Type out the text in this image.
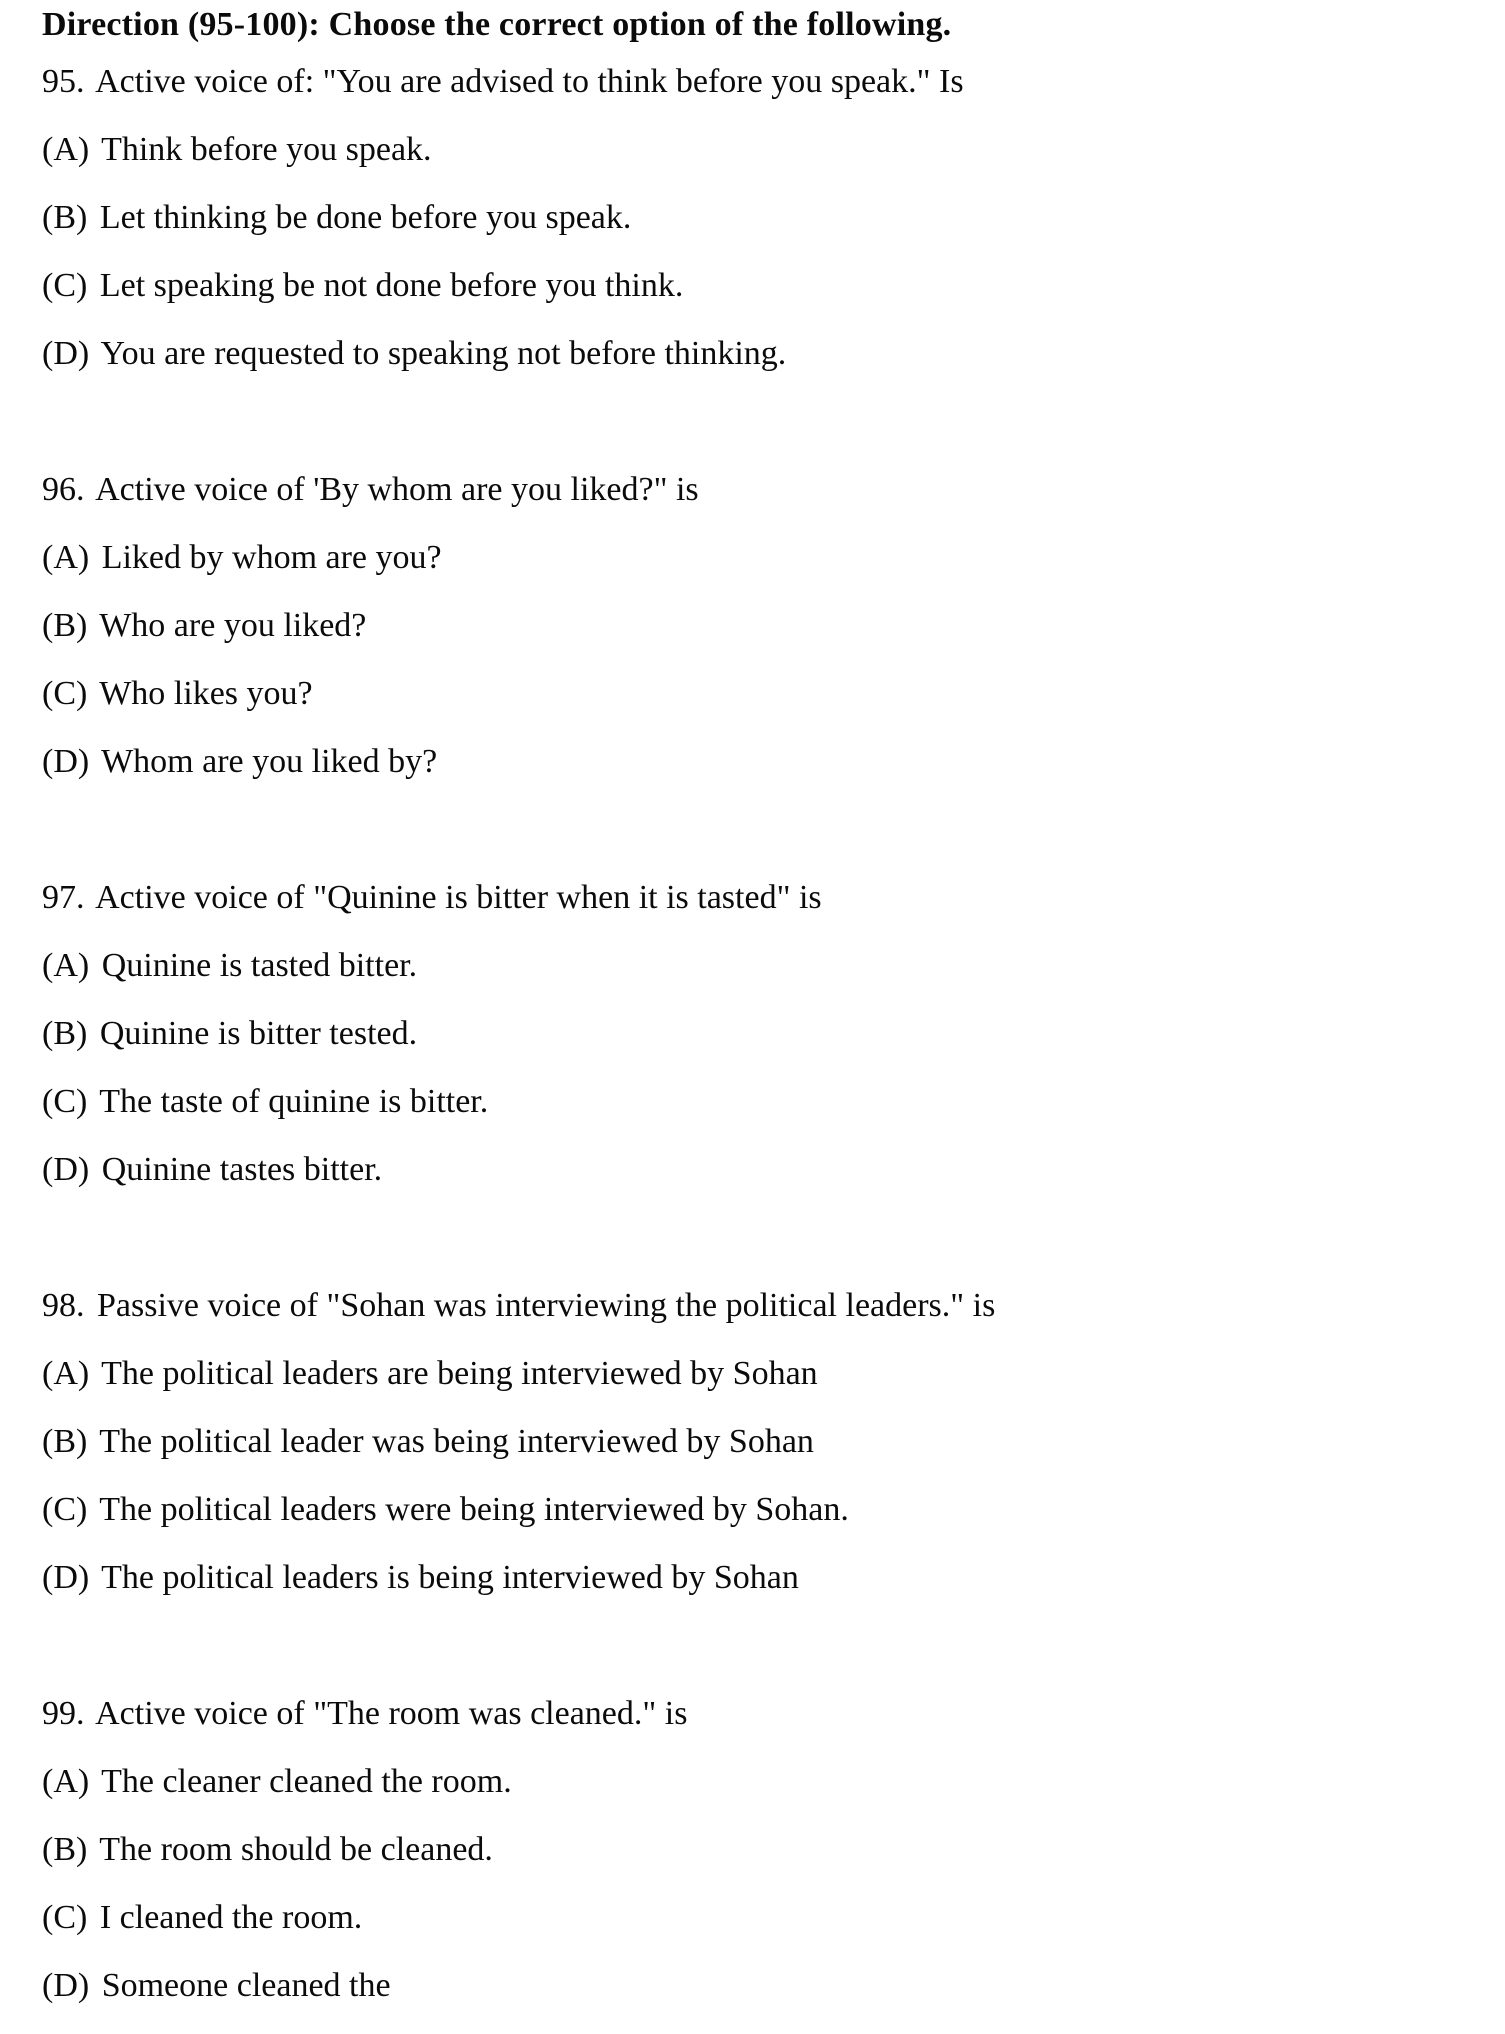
Direction (95-100): Choose the correct option of the following.
95. Active voice of: "You are advised to think before you speak." Is
(A) Think before you speak.
(B) Let thinking be done before you speak.
(C) Let speaking be not done before you think.
(D) You are requested to speaking not before thinking.
96. Active voice of 'By whom are you liked?" is
(A) Liked by whom are you?
(B) Who are you liked?
(C) Who likes you?
(D) Whom are you liked by?
97. Active voice of "Quinine is bitter when it is tasted" is
(A) Quinine is tasted bitter.
(B) Quinine is bitter tested.
(C) The taste of quinine is bitter.
(D) Quinine tastes bitter.
98. Passive voice of "Sohan was interviewing the political leaders." is
(A) The political leaders are being interviewed by Sohan
(B) The political leader was being interviewed by Sohan
(C) The political leaders were being interviewed by Sohan.
(D) The political leaders is being interviewed by Sohan
99. Active voice of "The room was cleaned." is
(A) The cleaner cleaned the room.
(B) The room should be cleaned.
(C) I cleaned the room.
(D) Someone cleaned the
